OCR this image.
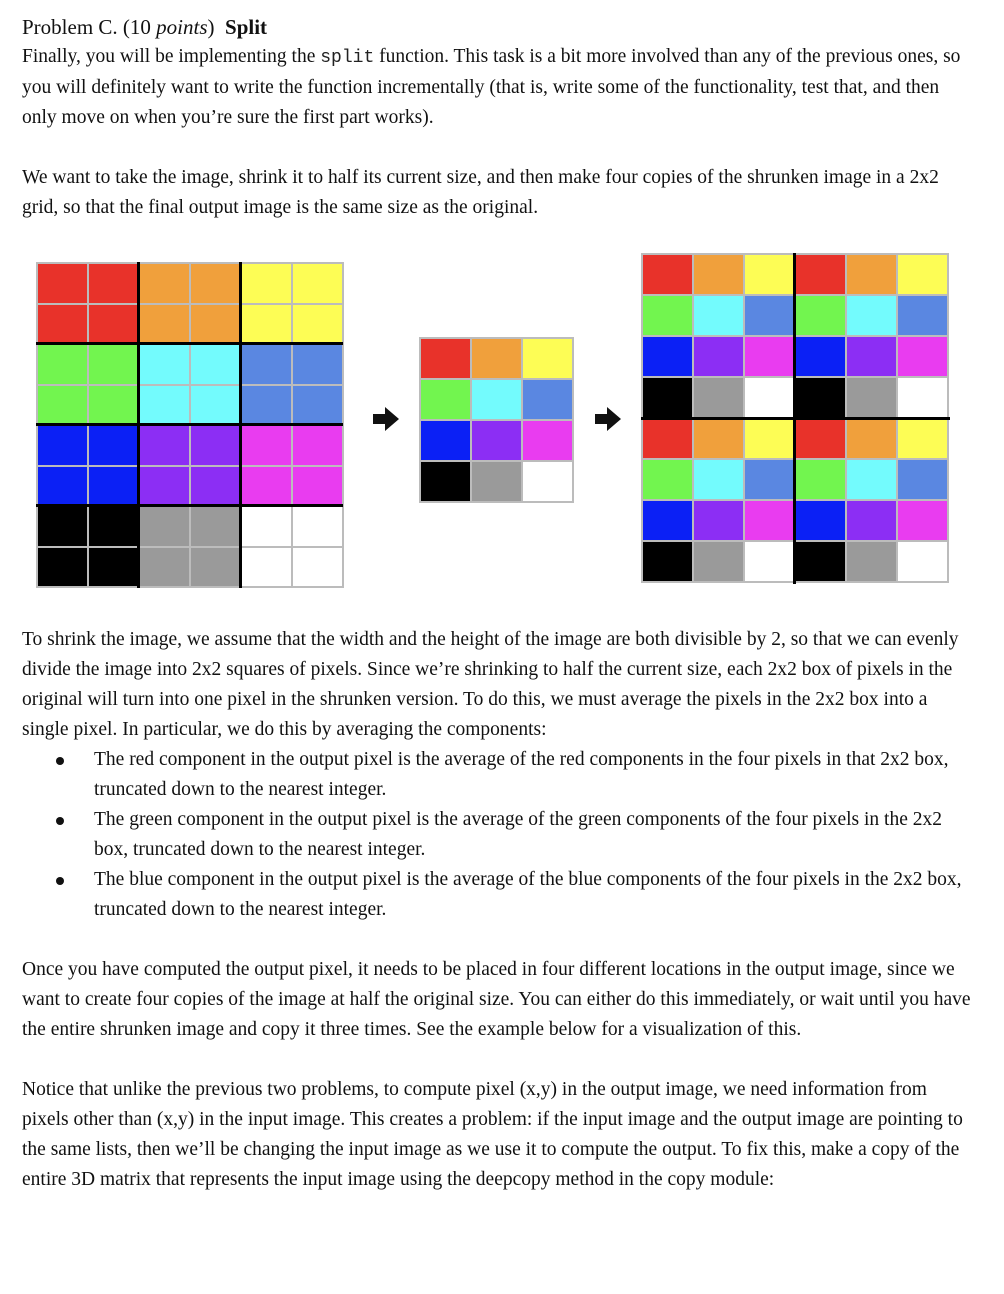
Problem C. (10 points) Split

Finally, you will be implementing the split function. This task is a bit more involved than any of the previous ones, so you will definitely want to write the function incrementally (that is, write some of the functionality, test that, and then only move on when you’re sure the first part works).

We want to take the image, shrink it to half its current size, and then make four copies of the shrunken image in a 2x2 grid, so that the final output image is the same size as the original.

To shrink the image, we assume that the width and the height of the image are both divisible by 2, so that we can evenly divide the image into 2x2 squares of pixels. Since we’re shrinking to half the current size, each 2x2 box of pixels in the original will turn into one pixel in the shrunken version. To do this, we must average the pixels in the 2x2 box into a single pixel. In particular, we do this by averaging the components:

The red component in the output pixel is the average of the red components in the four pixels in that 2x2 box, truncated down to the nearest integer.
The green component in the output pixel is the average of the green components of the four pixels in the 2x2 box, truncated down to the nearest integer.
The blue component in the output pixel is the average of the blue components of the four pixels in the 2x2 box, truncated down to the nearest integer.

Once you have computed the output pixel, it needs to be placed in four different locations in the output image, since we want to create four copies of the image at half the original size. You can either do this immediately, or wait until you have the entire shrunken image and copy it three times. See the example below for a visualization of this.

Notice that unlike the previous two problems, to compute pixel (x,y) in the output image, we need information from pixels other than (x,y) in the input image. This creates a problem: if the input image and the output image are pointing to the same lists, then we’ll be changing the input image as we use it to compute the output. To fix this, make a copy of the entire 3D matrix that represents the input image using the deepcopy method in the copy module:
